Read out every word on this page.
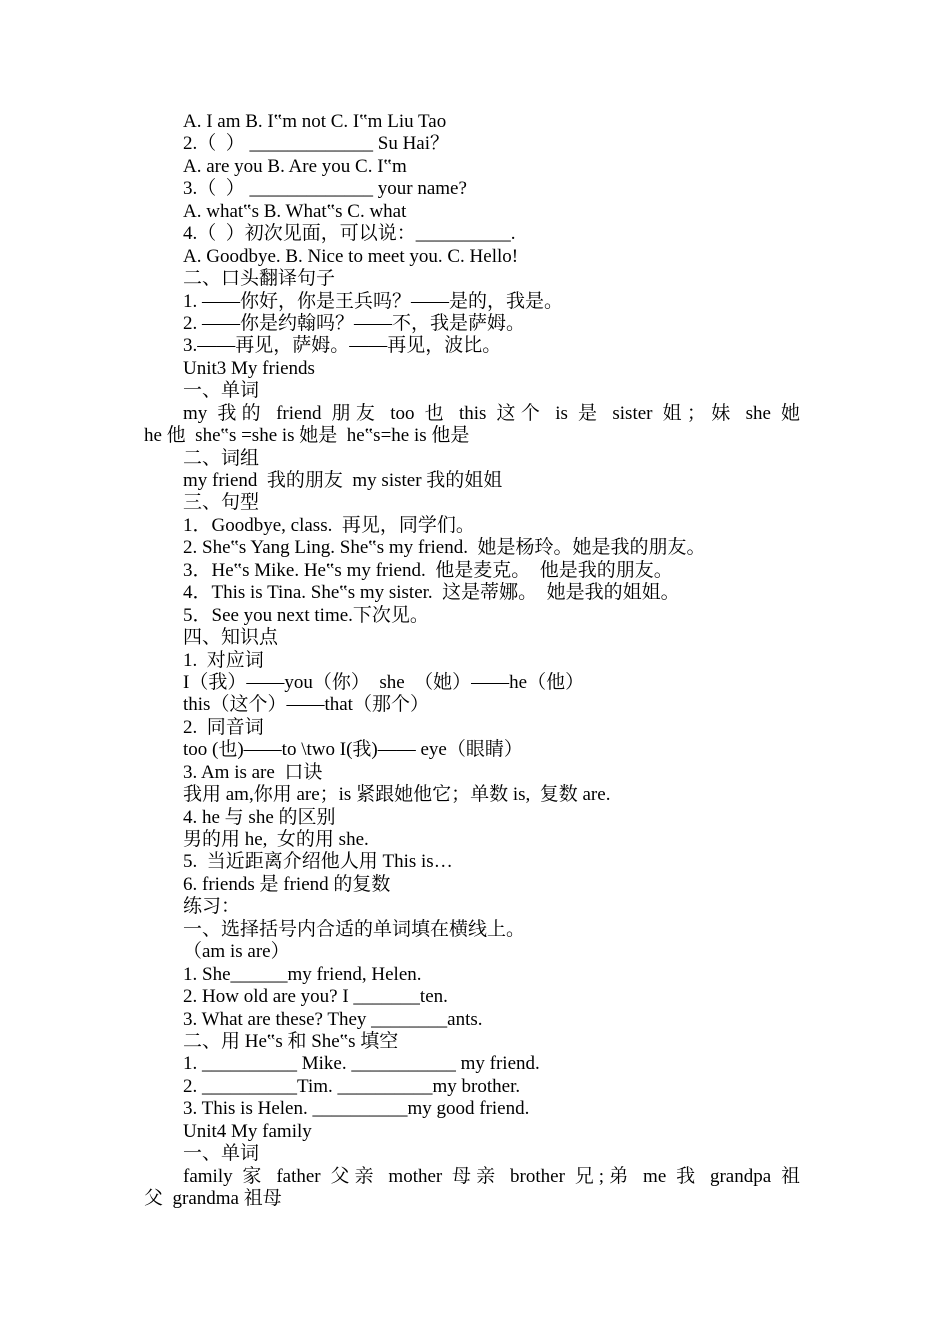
A. I am B. I‟m not C. I‟m Liu Tao
2.（  ） _____________ Su Hai？
A. are you B. Are you C. I‟m
3.（  ） _____________ your name?
A. what‟s B. What‟s C. what
4.（  ）初次见面，可以说：__________.
A. Goodbye. B. Nice to meet you. C. Hello!
二、口头翻译句子
1. ——你好，你是王兵吗？——是的，我是。
2. ——你是约翰吗？——不，我是萨姆。
3.——再见，萨姆。——再见，波比。
Unit3 My friends
一、单词
my 我的 friend 朋友 too 也 this 这个 is 是 sister 姐；妹 she 她
he 他  she‟s =she is 她是  he‟s=he is 他是
二、词组
my friend  我的朋友  my sister 我的姐姐
三、句型
1．Goodbye, class.  再见，同学们。
2. She‟s Yang Ling. She‟s my friend.  她是杨玲。她是我的朋友。
3．He‟s Mike. He‟s my friend.  他是麦克。  他是我的朋友。
4．This is Tina. She‟s my sister.  这是蒂娜。  她是我的姐姐。
5．See you next time.下次见。
四、知识点
1.  对应词
I（我）——you（你）  she  （她）——he（他）
this（这个）——that（那个）
2.  同音词
too (也)——to \two I(我)—— eye（眼睛）
3. Am is are  口诀
我用 am,你用 are；is 紧跟她他它；单数 is,  复数 are.
4. he 与 she 的区别
男的用 he,  女的用 she.
5.  当近距离介绍他人用 This is…
6. friends 是 friend 的复数
练习：
一、选择括号内合适的单词填在横线上。
（am is are）
1. She______my friend, Helen.
2. How old are you? I _______ten.
3. What are these? They ________ants.
二、用 He‟s 和 She‟s 填空
1. __________ Mike. ___________ my friend.
2. __________Tim. __________my brother.
3. This is Helen. __________my good friend.
Unit4 My family
一、单词
family 家 father 父亲 mother 母亲 brother 兄;弟 me 我 grandpa 祖
父  grandma 祖母
